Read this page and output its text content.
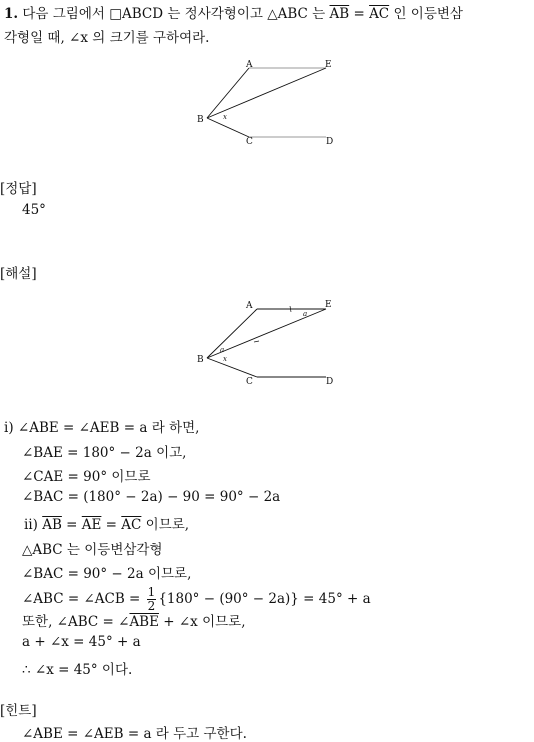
1. 다음 그림에서 □ABCD 는 정사각형이고 △ABC 는 $\overline{AB} = \overline{AC}$ 인 이등변삼
각형일 때, ∠x 의 크기를 구하여라.
A	E
B
C	D
x
[정답]
45°
[해설]
A	E
B
C	D
a
a
x
ⅰ) ∠ABE = ∠AEB = a 라 하면,
∠BAE = 180° − 2a 이고,
∠CAE = 90° 이므로
∠BAC = (180° − 2a) − 90 = 90° − 2a
ⅱ) $\overline{AB} = \overline{AE} = \overline{AC}$ 이므로,
△ABC 는 이등변삼각형
∠BAC = 90° − 2a 이므로,
∠ABC = ∠ACB = $\frac{1}{2} \{180^\circ - (90^\circ - 2a)\} = 45^\circ + a$
또한, ∠ABC = $\angle\overline{ABE}$ + ∠x 이므로,
a + ∠x = 45° + a
∴ ∠x = 45° 이다.
[힌트]
∠ABE = ∠AEB = a 라 두고 구한다.
